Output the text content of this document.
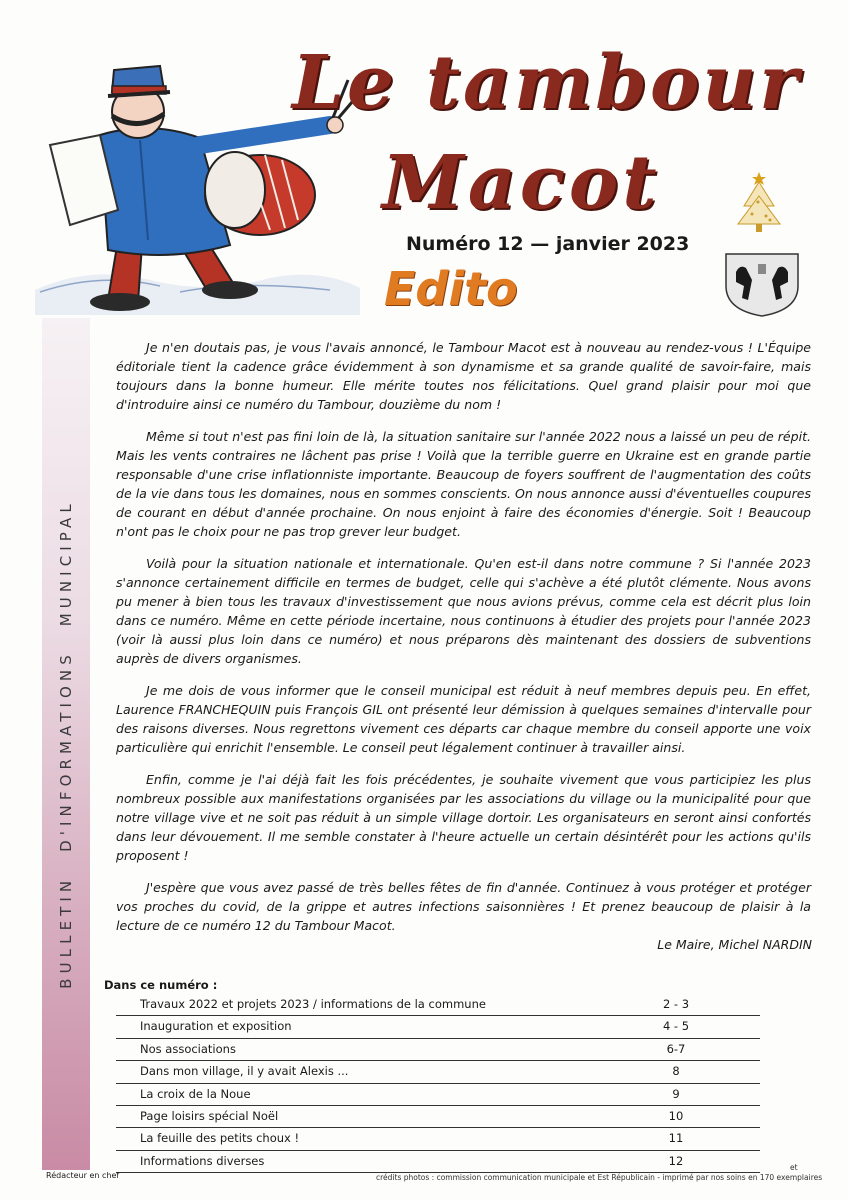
BULLETIN D'INFORMATIONS MUNICIPAL
Le tambour
Macot
Numéro 12 — janvier 2023
Edito

Je n'en doutais pas, je vous l'avais annoncé, le Tambour Macot est à nouveau au rendez-vous ! L'Équipe éditoriale tient la cadence grâce évidemment à son dynamisme et sa grande qualité de savoir-faire, mais toujours dans la bonne humeur. Elle mérite toutes nos félicitations. Quel grand plaisir pour moi que d'introduire ainsi ce numéro du Tambour, douzième du nom !

Même si tout n'est pas fini loin de là, la situation sanitaire sur l'année 2022 nous a laissé un peu de répit. Mais les vents contraires ne lâchent pas prise ! Voilà que la terrible guerre en Ukraine est en grande partie responsable d'une crise inflationniste importante. Beaucoup de foyers souffrent de l'augmentation des coûts de la vie dans tous les domaines, nous en sommes conscients. On nous annonce aussi d'éventuelles coupures de courant en début d'année prochaine. On nous enjoint à faire des économies d'énergie. Soit ! Beaucoup n'ont pas le choix pour ne pas trop grever leur budget.

Voilà pour la situation nationale et internationale. Qu'en est-il dans notre commune ? Si l'année 2023 s'annonce certainement difficile en termes de budget, celle qui s'achève a été plutôt clémente. Nous avons pu mener à bien tous les travaux d'investissement que nous avions prévus, comme cela est décrit plus loin dans ce numéro. Même en cette période incertaine, nous continuons à étudier des projets pour l'année 2023 (voir là aussi plus loin dans ce numéro) et nous préparons dès maintenant des dossiers de subventions auprès de divers organismes.

Je me dois de vous informer que le conseil municipal est réduit à neuf membres depuis peu. En effet, Laurence FRANCHEQUIN puis François GIL ont présenté leur démission à quelques semaines d'intervalle pour des raisons diverses. Nous regrettons vivement ces départs car chaque membre du conseil apporte une voix particulière qui enrichit l'ensemble. Le conseil peut légalement continuer à travailler ainsi.

Enfin, comme je l'ai déjà fait les fois précédentes, je souhaite vivement que vous participiez les plus nombreux possible aux manifestations organisées par les associations du village ou la municipalité pour que notre village vive et ne soit pas réduit à un simple village dortoir. Les organisateurs en seront ainsi confortés dans leur dévouement. Il me semble constater à l'heure actuelle un certain désintérêt pour les actions qu'ils proposent !

J'espère que vous avez passé de très belles fêtes de fin d'année. Continuez à vous protéger et protéger vos proches du covid, de la grippe et autres infections saisonnières ! Et prenez beaucoup de plaisir à la lecture de ce numéro 12 du Tambour Macot.

Le Maire, Michel NARDIN
Dans ce numéro :
Travaux 2022 et projets 2023 / informations de la commune	2 - 3
Inauguration et exposition	4 - 5
Nos associations	6-7
Dans mon village, il y avait Alexis ...	8
La croix de la Noue	9
Page loisirs spécial Noël	10
La feuille des petits choux !	11
Informations diverses	12
Rédacteur en chef
et
crédits photos : commission communication municipale et Est Républicain - imprimé par nos soins en 170 exemplaires
